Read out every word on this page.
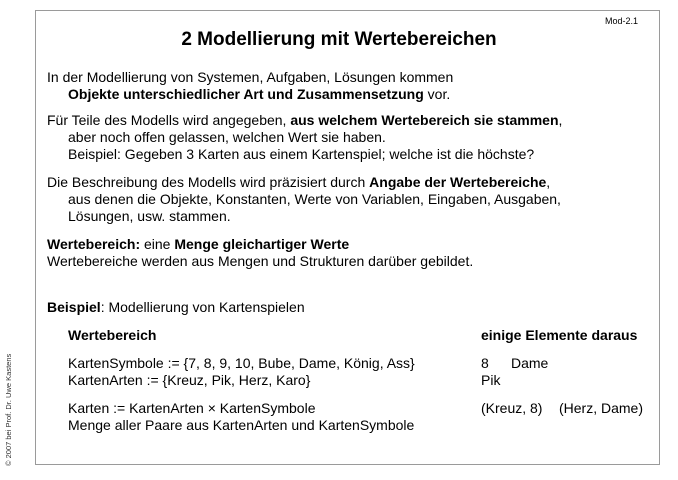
Mod-2.1
2 Modellierung mit Wertebereichen
In der Modellierung von Systemen, Aufgaben, Lösungen kommen
Objekte unterschiedlicher Art und Zusammensetzung vor.
Für Teile des Modells wird angegeben, aus welchem Wertebereich sie stammen,
aber noch offen gelassen, welchen Wert sie haben.
Beispiel: Gegeben 3 Karten aus einem Kartenspiel; welche ist die höchste?
Die Beschreibung des Modells wird präzisiert durch Angabe der Wertebereiche,
aus denen die Objekte, Konstanten, Werte von Variablen, Eingaben, Ausgaben,
Lösungen, usw. stammen.
Wertebereich: eine Menge gleichartiger Werte
Wertebereiche werden aus Mengen und Strukturen darüber gebildet.
Beispiel: Modellierung von Kartenspielen
Wertebereich	einige Elemente daraus
KartenSymbole := {7, 8, 9, 10, Bube, Dame, König, Ass}	8 Dame
KartenArten := {Kreuz, Pik, Herz, Karo}	Pik
Karten := KartenArten × KartenSymbole	(Kreuz, 8) (Herz, Dame)
Menge aller Paare aus KartenArten und KartenSymbole
© 2007 bei Prof. Dr. Uwe Kastens
